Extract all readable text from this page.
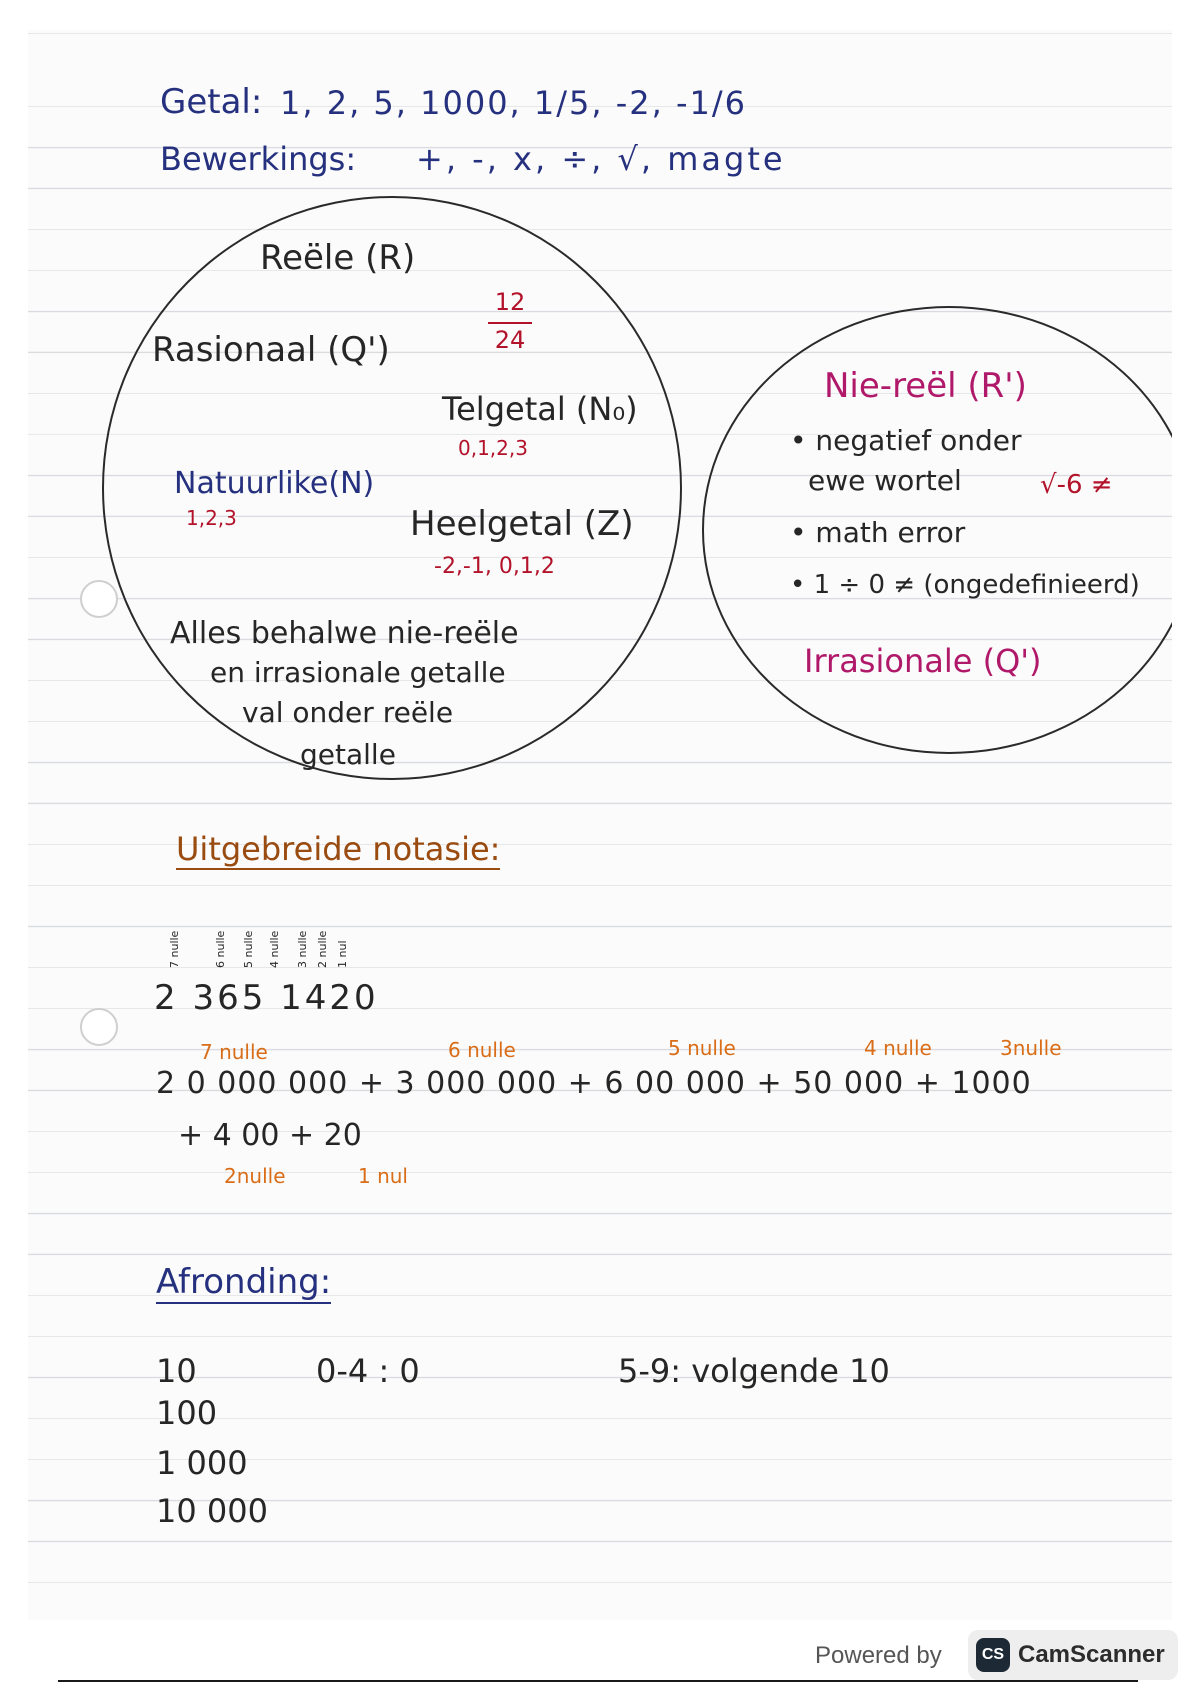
Getal: 1, 2, 5, 1000, 1/5, -2, -1/6
Bewerkings: +, -, x, ÷, √, magte
Reële (R)
12
24
Rasionaal (Q')
Telgetal (N₀)
0,1,2,3
Natuurlike(N)
1,2,3	Heelgetal (Z)
-2,-1, 0,1,2
Alles behalwe nie-reële
en irrasionale getalle
val onder reële
getalle
Nie-reël (R')
• negatief onder
ewe wortel	√-6 ≠
• math error
• 1 ÷ 0 ≠ (ongedefinieerd)
Irrasionale (Q')
Uitgebreide notasie:
7 nulle	6 nulle 5 nulle 4 nulle 3 nulle 2 nulle 1 nul
2 365 1420
7 nulle	6 nulle	5 nulle	4 nulle	3nulle
2 0 000 000 + 3 000 000 + 6 00 000 + 50 000 + 1000
+ 4 00 + 20
2nulle	1 nul
Afronding:
10
100
1 000
10 000
0-4 : 0	5-9: volgende 10
Powered by	CS CamScanner
